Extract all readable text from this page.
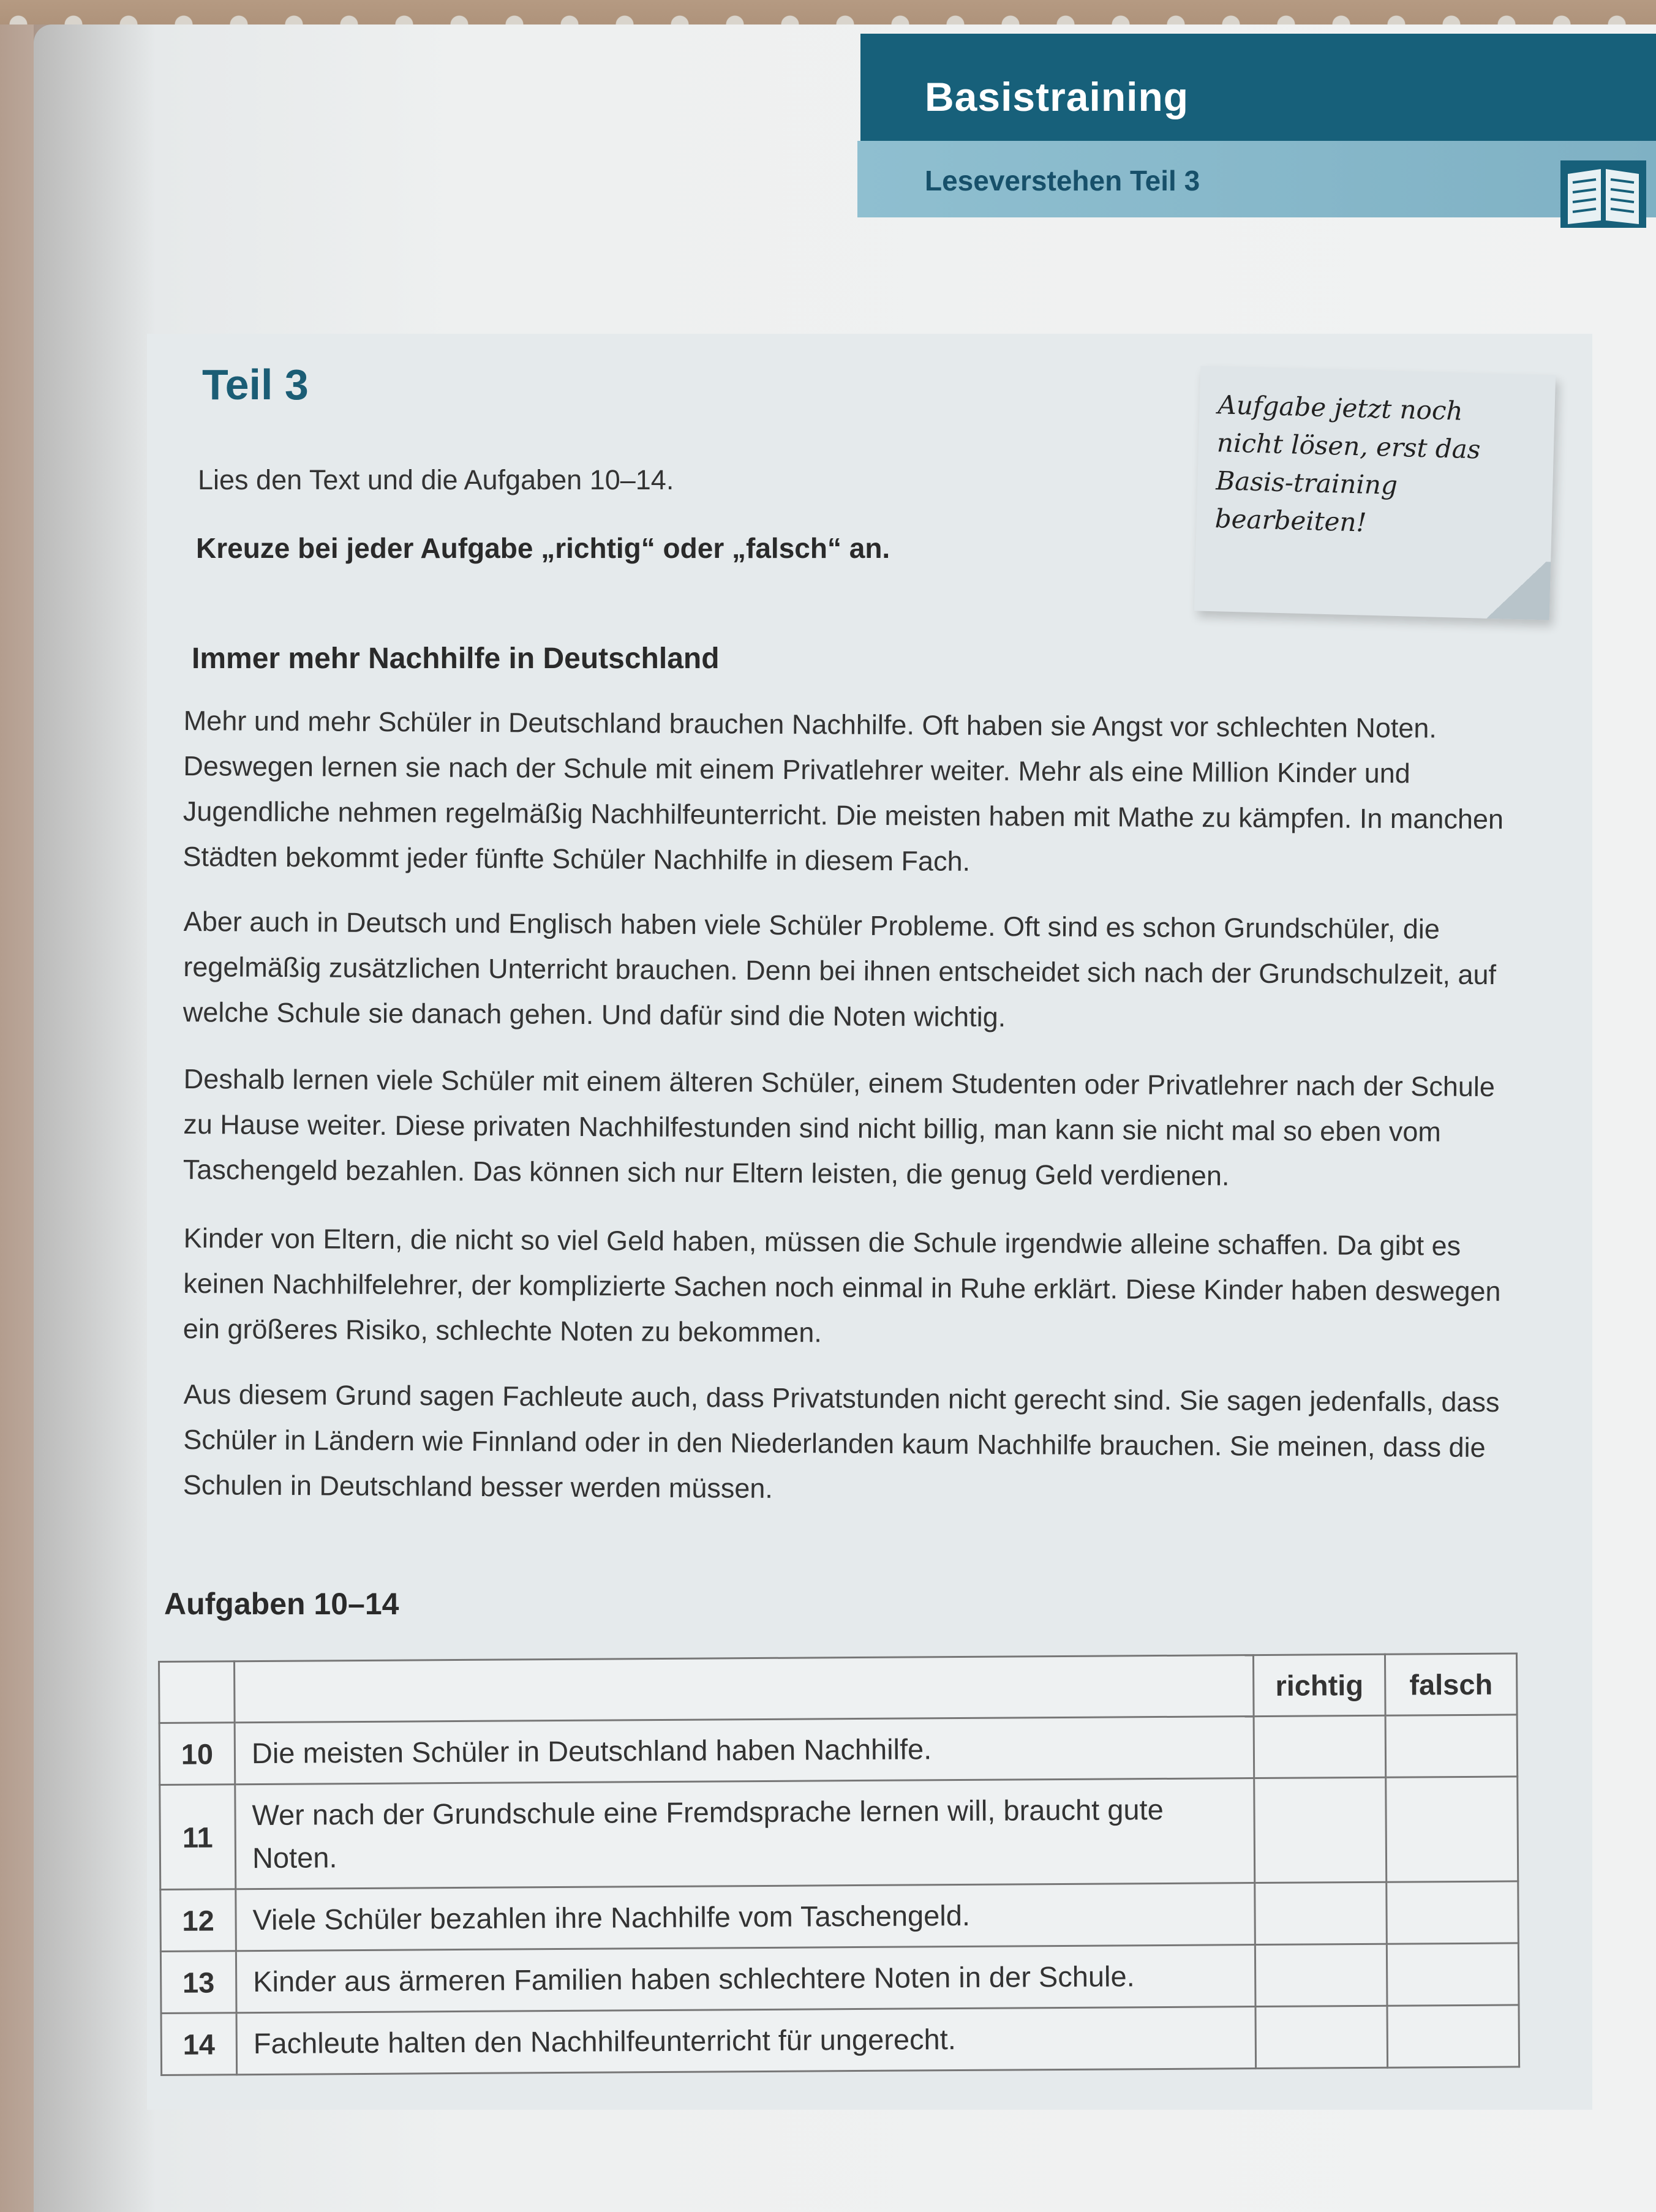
Basistraining
Leseverstehen Teil 3
Teil 3
Lies den Text und die Aufgaben 10–14.
Kreuze bei jeder Aufgabe „richtig“ oder „falsch“ an.
Aufgabe jetzt noch nicht lösen, erst das Basis-training bearbeiten!
Immer mehr Nachhilfe in Deutschland

Mehr und mehr Schüler in Deutschland brauchen Nachhilfe. Oft haben sie Angst vor schlechten Noten. Deswegen lernen sie nach der Schule mit einem Privatlehrer weiter. Mehr als eine Million Kinder und Jugendliche nehmen regelmäßig Nachhilfeunterricht. Die meisten haben mit Mathe zu kämpfen. In manchen Städten bekommt jeder fünfte Schüler Nachhilfe in diesem Fach.

Aber auch in Deutsch und Englisch haben viele Schüler Probleme. Oft sind es schon Grundschüler, die regelmäßig zusätzlichen Unterricht brauchen. Denn bei ihnen entscheidet sich nach der Grundschulzeit, auf welche Schule sie danach gehen. Und dafür sind die Noten wichtig.

Deshalb lernen viele Schüler mit einem älteren Schüler, einem Studenten oder Privatlehrer nach der Schule zu Hause weiter. Diese privaten Nachhilfestunden sind nicht billig, man kann sie nicht mal so eben vom Taschengeld bezahlen. Das können sich nur Eltern leisten, die genug Geld verdienen.

Kinder von Eltern, die nicht so viel Geld haben, müssen die Schule irgendwie alleine schaffen. Da gibt es keinen Nachhilfelehrer, der komplizierte Sachen noch einmal in Ruhe erklärt. Diese Kinder haben deswegen ein größeres Risiko, schlechte Noten zu bekommen.

Aus diesem Grund sagen Fachleute auch, dass Privatstunden nicht gerecht sind. Sie sagen jedenfalls, dass Schüler in Ländern wie Finnland oder in den Niederlanden kaum Nachhilfe brauchen. Sie meinen, dass die Schulen in Deutschland besser werden müssen.

Aufgaben 10–14
		richtig	falsch
10	Die meisten Schüler in Deutschland haben Nachhilfe.		
11	Wer nach der Grundschule eine Fremdsprache lernen will, braucht gute Noten.		
12	Viele Schüler bezahlen ihre Nachhilfe vom Taschengeld.		
13	Kinder aus ärmeren Familien haben schlechtere Noten in der Schule.		
14	Fachleute halten den Nachhilfeunterricht für ungerecht.		
